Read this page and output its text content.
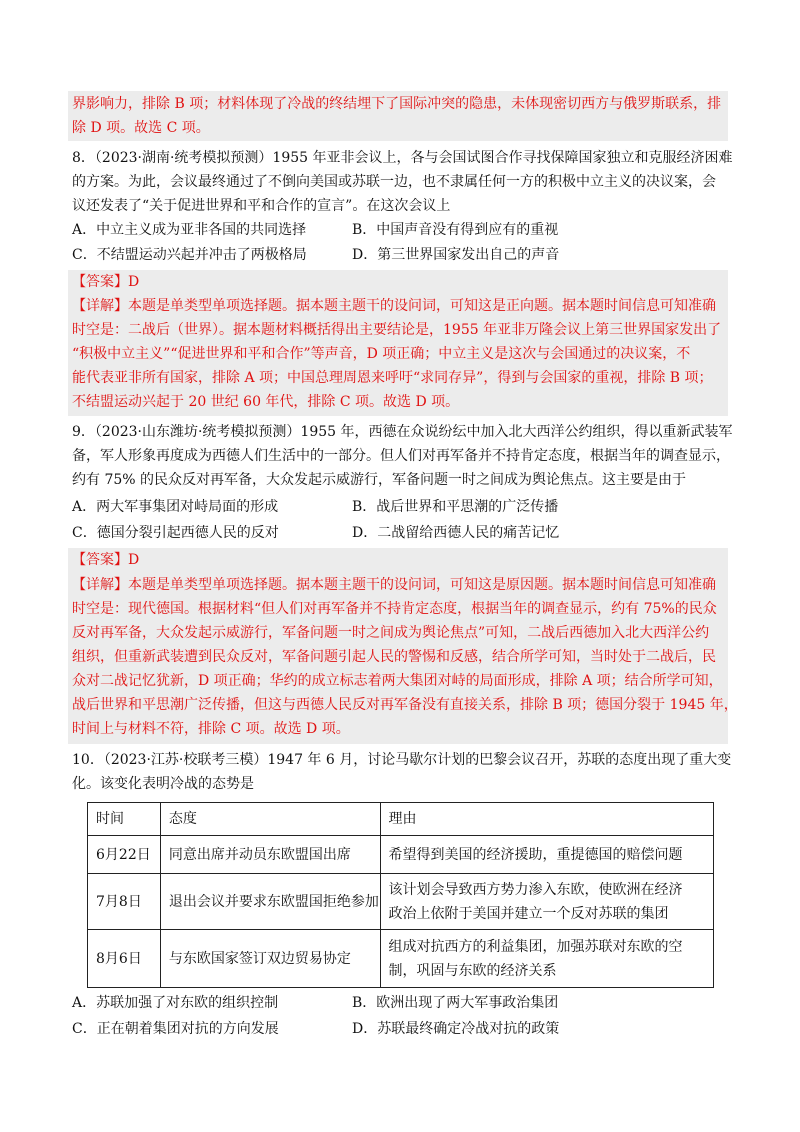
界影响力，排除 B 项；材料体现了冷战的终结埋下了国际冲突的隐患，未体现密切西方与俄罗斯联系，排
除 D 项。故选 C 项。
8．（2023·湖南·统考模拟预测）1955 年亚非会议上，各与会国试图合作寻找保障国家独立和克服经济困难
的方案。为此，会议最终通过了不倒向美国或苏联一边，也不隶属任何一方的积极中立主义的决议案，会
议还发表了“关于促进世界和平和合作的宣言”。在这次会议上
A．中立主义成为亚非各国的共同选择	B．中国声音没有得到应有的重视
C．不结盟运动兴起并冲击了两极格局	D．第三世界国家发出自己的声音
【答案】D
【详解】本题是单类型单项选择题。据本题主题干的设问词，可知这是正向题。据本题时间信息可知准确
时空是：二战后（世界）。据本题材料概括得出主要结论是，1955 年亚非万隆会议上第三世界国家发出了
“积极中立主义”“促进世界和平和合作”等声音，D 项正确；中立主义是这次与会国通过的决议案，不
能代表亚非所有国家，排除 A 项；中国总理周恩来呼吁“求同存异”，得到与会国家的重视，排除 B 项；
不结盟运动兴起于 20 世纪 60 年代，排除 C 项。故选 D 项。
9．（2023·山东潍坊·统考模拟预测）1955 年，西德在众说纷纭中加入北大西洋公约组织，得以重新武装军
备，军人形象再度成为西德人们生活中的一部分。但人们对再军备并不持肯定态度，根据当年的调查显示，
约有 75% 的民众反对再军备，大众发起示威游行，军备问题一时之间成为舆论焦点。这主要是由于
A．两大军事集团对峙局面的形成	B．战后世界和平思潮的广泛传播
C．德国分裂引起西德人民的反对	D．二战留给西德人民的痛苦记忆
【答案】D
【详解】本题是单类型单项选择题。据本题主题干的设问词，可知这是原因题。据本题时间信息可知准确
时空是：现代德国。根据材料“但人们对再军备并不持肯定态度，根据当年的调查显示，约有 75%的民众
反对再军备，大众发起示威游行，军备问题一时之间成为舆论焦点”可知，二战后西德加入北大西洋公约
组织，但重新武装遭到民众反对，军备问题引起人民的警惕和反感，结合所学可知，当时处于二战后，民
众对二战记忆犹新，D 项正确；华约的成立标志着两大集团对峙的局面形成，排除 A 项；结合所学可知，
战后世界和平思潮广泛传播，但这与西德人民反对再军备没有直接关系，排除 B 项；德国分裂于 1945 年，
时间上与材料不符，排除 C 项。故选 D 项。
10．（2023·江苏·校联考三模）1947 年 6 月，讨论马歇尔计划的巴黎会议召开，苏联的态度出现了重大变
化。该变化表明冷战的态势是
时间	态度	理由
6月22日	同意出席并动员东欧盟国出席	希望得到美国的经济援助，重提德国的赔偿问题

7月8日	退出会议并要求东欧盟国拒绝参加	该计划会导致西方势力渗入东欧，使欧洲在经济
政治上依附于美国并建立一个反对苏联的集团

8月6日	与东欧国家签订双边贸易协定	组成对抗西方的利益集团，加强苏联对东欧的空
制，巩固与东欧的经济关系
A．苏联加强了对东欧的组织控制	B．欧洲出现了两大军事政治集团
C．正在朝着集团对抗的方向发展	D．苏联最终确定冷战对抗的政策
